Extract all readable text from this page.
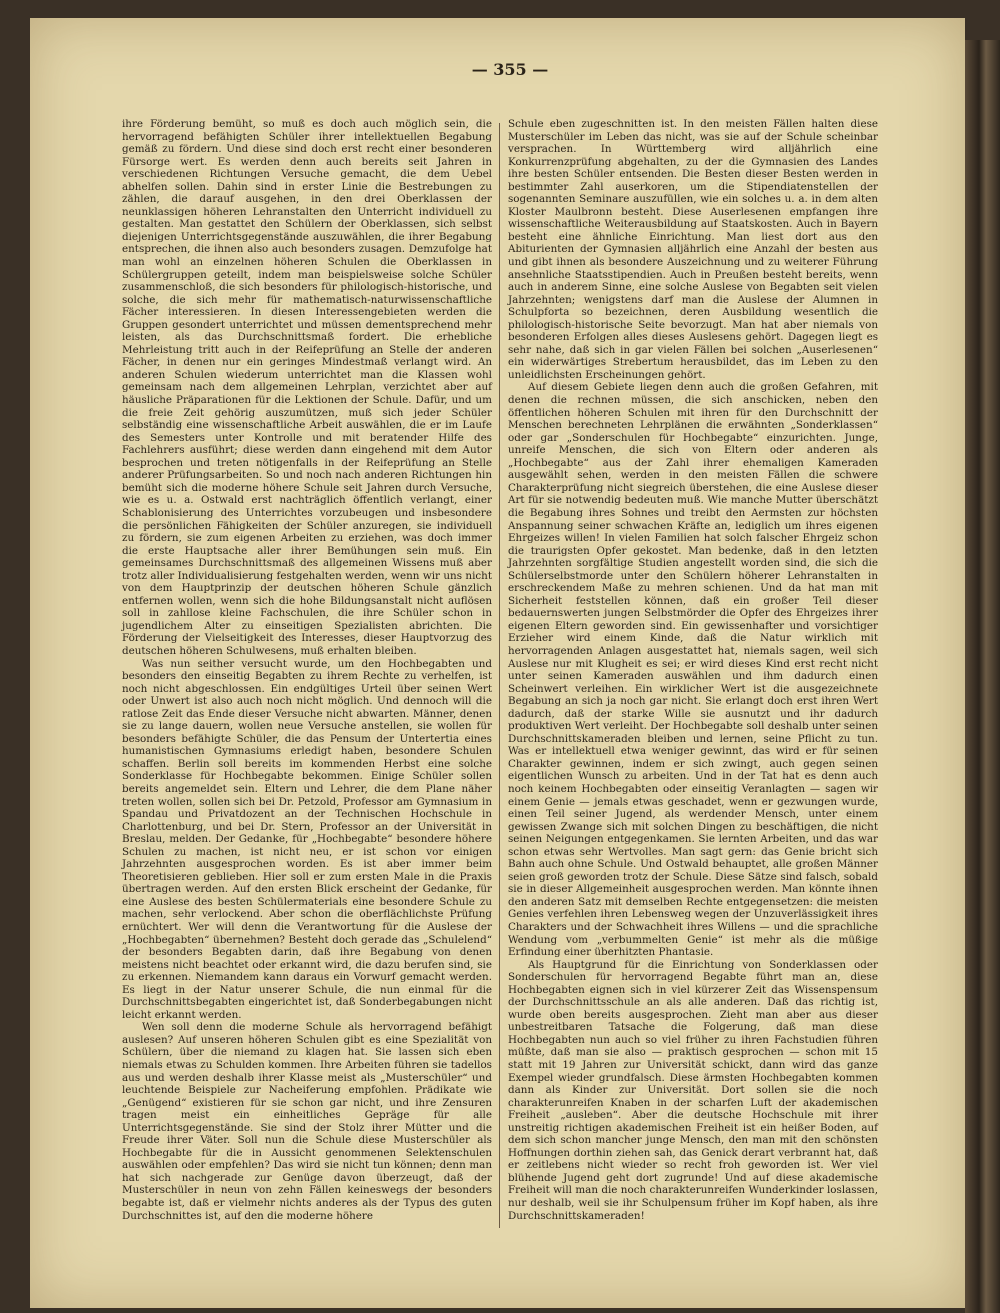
— 355 —

ihre Förderung bemüht, so muß es doch auch möglich sein, die hervorragend befähigten Schüler ihrer intellektuellen Begabung gemäß zu fördern. Und diese sind doch erst recht einer besonderen Fürsorge wert. Es werden denn auch bereits seit Jahren in verschiedenen Richtungen Versuche gemacht, die dem Uebel abhelfen sollen. Dahin sind in erster Linie die Bestrebungen zu zählen, die darauf ausgehen, in den drei Oberklassen der neunklassigen höheren Lehranstalten den Unterricht individuell zu gestalten. Man gestattet den Schülern der Oberklassen, sich selbst diejenigen Unterrichtsgegenstände auszuwählen, die ihrer Begabung entsprechen, die ihnen also auch besonders zusagen. Demzufolge hat man wohl an einzelnen höheren Schulen die Oberklassen in Schülergruppen geteilt, indem man beispielsweise solche Schüler zusammenschloß, die sich besonders für philologisch-historische, und solche, die sich mehr für mathematisch-naturwissenschaftliche Fächer interessieren. In diesen Interessengebieten werden die Gruppen gesondert unterrichtet und müssen dementsprechend mehr leisten, als das Durchschnittsmaß fordert. Die erhebliche Mehrleistung tritt auch in der Reifeprüfung an Stelle der anderen Fächer, in denen nur ein geringes Mindestmaß verlangt wird. An anderen Schulen wiederum unterrichtet man die Klassen wohl gemeinsam nach dem allgemeinen Lehrplan, verzichtet aber auf häusliche Präparationen für die Lektionen der Schule. Dafür, und um die freie Zeit gehörig auszumützen, muß sich jeder Schüler selbständig eine wissenschaftliche Arbeit auswählen, die er im Laufe des Semesters unter Kontrolle und mit beratender Hilfe des Fachlehrers ausführt; diese werden dann eingehend mit dem Autor besprochen und treten nötigenfalls in der Reifeprüfung an Stelle anderer Prüfungsarbeiten. So und noch nach anderen Richtungen hin bemüht sich die moderne höhere Schule seit Jahren durch Versuche, wie es u. a. Ostwald erst nachträglich öffentlich verlangt, einer Schablonisierung des Unterrichtes vorzubeugen und insbesondere die persönlichen Fähigkeiten der Schüler anzuregen, sie individuell zu fördern, sie zum eigenen Arbeiten zu erziehen, was doch immer die erste Hauptsache aller ihrer Bemühungen sein muß. Ein gemeinsames Durchschnittsmaß des allgemeinen Wissens muß aber trotz aller Individualisierung festgehalten werden, wenn wir uns nicht von dem Hauptprinzip der deutschen höheren Schule gänzlich entfernen wollen, wenn sich die hohe Bildungsanstalt nicht auflösen soll in zahllose kleine Fachschulen, die ihre Schüler schon in jugendlichem Alter zu einseitigen Spezialisten abrichten. Die Förderung der Vielseitigkeit des Interesses, dieser Hauptvorzug des deutschen höheren Schulwesens, muß erhalten bleiben.

Was nun seither versucht wurde, um den Hochbegabten und besonders den einseitig Begabten zu ihrem Rechte zu verhelfen, ist noch nicht abgeschlossen. Ein endgültiges Urteil über seinen Wert oder Unwert ist also auch noch nicht möglich. Und dennoch will die ratlose Zeit das Ende dieser Versuche nicht abwarten. Männer, denen sie zu lange dauern, wollen neue Versuche anstellen, sie wollen für besonders befähigte Schüler, die das Pensum der Untertertia eines humanistischen Gymnasiums erledigt haben, besondere Schulen schaffen. Berlin soll bereits im kommenden Herbst eine solche Sonderklasse für Hochbegabte bekommen. Einige Schüler sollen bereits angemeldet sein. Eltern und Lehrer, die dem Plane näher treten wollen, sollen sich bei Dr. Petzold, Professor am Gymnasium in Spandau und Privatdozent an der Technischen Hochschule in Charlottenburg, und bei Dr. Stern, Professor an der Universität in Breslau, melden. Der Gedanke, für „Hochbegabte“ besondere höhere Schulen zu machen, ist nicht neu, er ist schon vor einigen Jahrzehnten ausgesprochen worden. Es ist aber immer beim Theoretisieren geblieben. Hier soll er zum ersten Male in die Praxis übertragen werden. Auf den ersten Blick erscheint der Gedanke, für eine Auslese des besten Schülermaterials eine besondere Schule zu machen, sehr verlockend. Aber schon die oberflächlichste Prüfung ernüchtert. Wer will denn die Verantwortung für die Auslese der „Hochbegabten“ übernehmen? Besteht doch gerade das „Schulelend“ der besonders Begabten darin, daß ihre Begabung von denen meistens nicht beachtet oder erkannt wird, die dazu berufen sind, sie zu erkennen. Niemandem kann daraus ein Vorwurf gemacht werden. Es liegt in der Natur unserer Schule, die nun einmal für die Durchschnittsbegabten eingerichtet ist, daß Sonderbegabungen nicht leicht erkannt werden.

Wen soll denn die moderne Schule als hervorragend befähigt auslesen? Auf unseren höheren Schulen gibt es eine Spezialität von Schülern, über die niemand zu klagen hat. Sie lassen sich eben niemals etwas zu Schulden kommen. Ihre Arbeiten führen sie tadellos aus und werden deshalb ihrer Klasse meist als „Musterschüler“ und leuchtende Beispiele zur Nacheiferung empfohlen. Prädikate wie „Genügend“ existieren für sie schon gar nicht, und ihre Zensuren tragen meist ein einheitliches Gepräge für alle Unterrichtsgegenstände. Sie sind der Stolz ihrer Mütter und die Freude ihrer Väter. Soll nun die Schule diese Musterschüler als Hochbegabte für die in Aussicht genommenen Selektenschulen auswählen oder empfehlen? Das wird sie nicht tun können; denn man hat sich nachgerade zur Genüge davon überzeugt, daß der Musterschüler in neun von zehn Fällen keineswegs der besonders begabte ist, daß er vielmehr nichts anderes als der Typus des guten Durchschnittes ist, auf den die moderne höhere

Schule eben zugeschnitten ist. In den meisten Fällen halten diese Musterschüler im Leben das nicht, was sie auf der Schule scheinbar versprachen. In Württemberg wird alljährlich eine Konkurrenzprüfung abgehalten, zu der die Gymnasien des Landes ihre besten Schüler entsenden. Die Besten dieser Besten werden in bestimmter Zahl auserkoren, um die Stipendiatenstellen der sogenannten Seminare auszufüllen, wie ein solches u. a. in dem alten Kloster Maulbronn besteht. Diese Auserlesenen empfangen ihre wissenschaftliche Weiterausbildung auf Staatskosten. Auch in Bayern besteht eine ähnliche Einrichtung. Man liest dort aus den Abiturienten der Gymnasien alljährlich eine Anzahl der besten aus und gibt ihnen als besondere Auszeichnung und zu weiterer Führung ansehnliche Staatsstipendien. Auch in Preußen besteht bereits, wenn auch in anderem Sinne, eine solche Auslese von Begabten seit vielen Jahrzehnten; wenigstens darf man die Auslese der Alumnen in Schulpforta so bezeichnen, deren Ausbildung wesentlich die philologisch-historische Seite bevorzugt. Man hat aber niemals von besonderen Erfolgen alles dieses Auslesens gehört. Dagegen liegt es sehr nahe, daß sich in gar vielen Fällen bei solchen „Auserlesenen“ ein widerwärtiges Strebertum herausbildet, das im Leben zu den unleidlichsten Erscheinungen gehört.

Auf diesem Gebiete liegen denn auch die großen Gefahren, mit denen die rechnen müssen, die sich anschicken, neben den öffentlichen höheren Schulen mit ihren für den Durchschnitt der Menschen berechneten Lehrplänen die erwähnten „Sonderklassen“ oder gar „Sonderschulen für Hochbegabte“ einzurichten. Junge, unreife Menschen, die sich von Eltern oder anderen als „Hochbegabte“ aus der Zahl ihrer ehemaligen Kameraden ausgewählt sehen, werden in den meisten Fällen die schwere Charakterprüfung nicht siegreich überstehen, die eine Auslese dieser Art für sie notwendig bedeuten muß. Wie manche Mutter überschätzt die Begabung ihres Sohnes und treibt den Aermsten zur höchsten Anspannung seiner schwachen Kräfte an, lediglich um ihres eigenen Ehrgeizes willen! In vielen Familien hat solch falscher Ehrgeiz schon die traurigsten Opfer gekostet. Man bedenke, daß in den letzten Jahrzehnten sorgfältige Studien angestellt worden sind, die sich die Schülerselbstmorde unter den Schülern höherer Lehranstalten in erschreckendem Maße zu mehren schienen. Und da hat man mit Sicherheit feststellen können, daß ein großer Teil dieser bedauernswerten jungen Selbstmörder die Opfer des Ehrgeizes ihrer eigenen Eltern geworden sind. Ein gewissenhafter und vorsichtiger Erzieher wird einem Kinde, daß die Natur wirklich mit hervorragenden Anlagen ausgestattet hat, niemals sagen, weil sich Auslese nur mit Klugheit es sei; er wird dieses Kind erst recht nicht unter seinen Kameraden auswählen und ihm dadurch einen Scheinwert verleihen. Ein wirklicher Wert ist die ausgezeichnete Begabung an sich ja noch gar nicht. Sie erlangt doch erst ihren Wert dadurch, daß der starke Wille sie ausnutzt und ihr dadurch produktiven Wert verleiht. Der Hochbegabte soll deshalb unter seinen Durchschnittskameraden bleiben und lernen, seine Pflicht zu tun. Was er intellektuell etwa weniger gewinnt, das wird er für seinen Charakter gewinnen, indem er sich zwingt, auch gegen seinen eigentlichen Wunsch zu arbeiten. Und in der Tat hat es denn auch noch keinem Hochbegabten oder einseitig Veranlagten — sagen wir einem Genie — jemals etwas geschadet, wenn er gezwungen wurde, einen Teil seiner Jugend, als werdender Mensch, unter einem gewissen Zwange sich mit solchen Dingen zu beschäftigen, die nicht seinen Neigungen entgegenkamen. Sie lernten Arbeiten, und das war schon etwas sehr Wertvolles. Man sagt gern: das Genie bricht sich Bahn auch ohne Schule. Und Ostwald behauptet, alle großen Männer seien groß geworden trotz der Schule. Diese Sätze sind falsch, sobald sie in dieser Allgemeinheit ausgesprochen werden. Man könnte ihnen den anderen Satz mit demselben Rechte entgegensetzen: die meisten Genies verfehlen ihren Lebensweg wegen der Unzuverlässigkeit ihres Charakters und der Schwachheit ihres Willens — und die sprachliche Wendung vom „verbummelten Genie“ ist mehr als die müßige Erfindung einer überhitzten Phantasie.

Als Hauptgrund für die Einrichtung von Sonderklassen oder Sonderschulen für hervorragend Begabte führt man an, diese Hochbegabten eignen sich in viel kürzerer Zeit das Wissenspensum der Durchschnittsschule an als alle anderen. Daß das richtig ist, wurde oben bereits ausgesprochen. Zieht man aber aus dieser unbestreitbaren Tatsache die Folgerung, daß man diese Hochbegabten nun auch so viel früher zu ihren Fachstudien führen müßte, daß man sie also — praktisch gesprochen — schon mit 15 statt mit 19 Jahren zur Universität schickt, dann wird das ganze Exempel wieder grundfalsch. Diese ärmsten Hochbegabten kommen dann als Kinder zur Universität. Dort sollen sie die noch charakterunreifen Knaben in der scharfen Luft der akademischen Freiheit „ausleben“. Aber die deutsche Hochschule mit ihrer unstreitig richtigen akademischen Freiheit ist ein heißer Boden, auf dem sich schon mancher junge Mensch, den man mit den schönsten Hoffnungen dorthin ziehen sah, das Genick derart verbrannt hat, daß er zeitlebens nicht wieder so recht froh geworden ist. Wer viel blühende Jugend geht dort zugrunde! Und auf diese akademische Freiheit will man die noch charakterunreifen Wunderkinder loslassen, nur deshalb, weil sie ihr Schulpensum früher im Kopf haben, als ihre Durchschnittskameraden!
